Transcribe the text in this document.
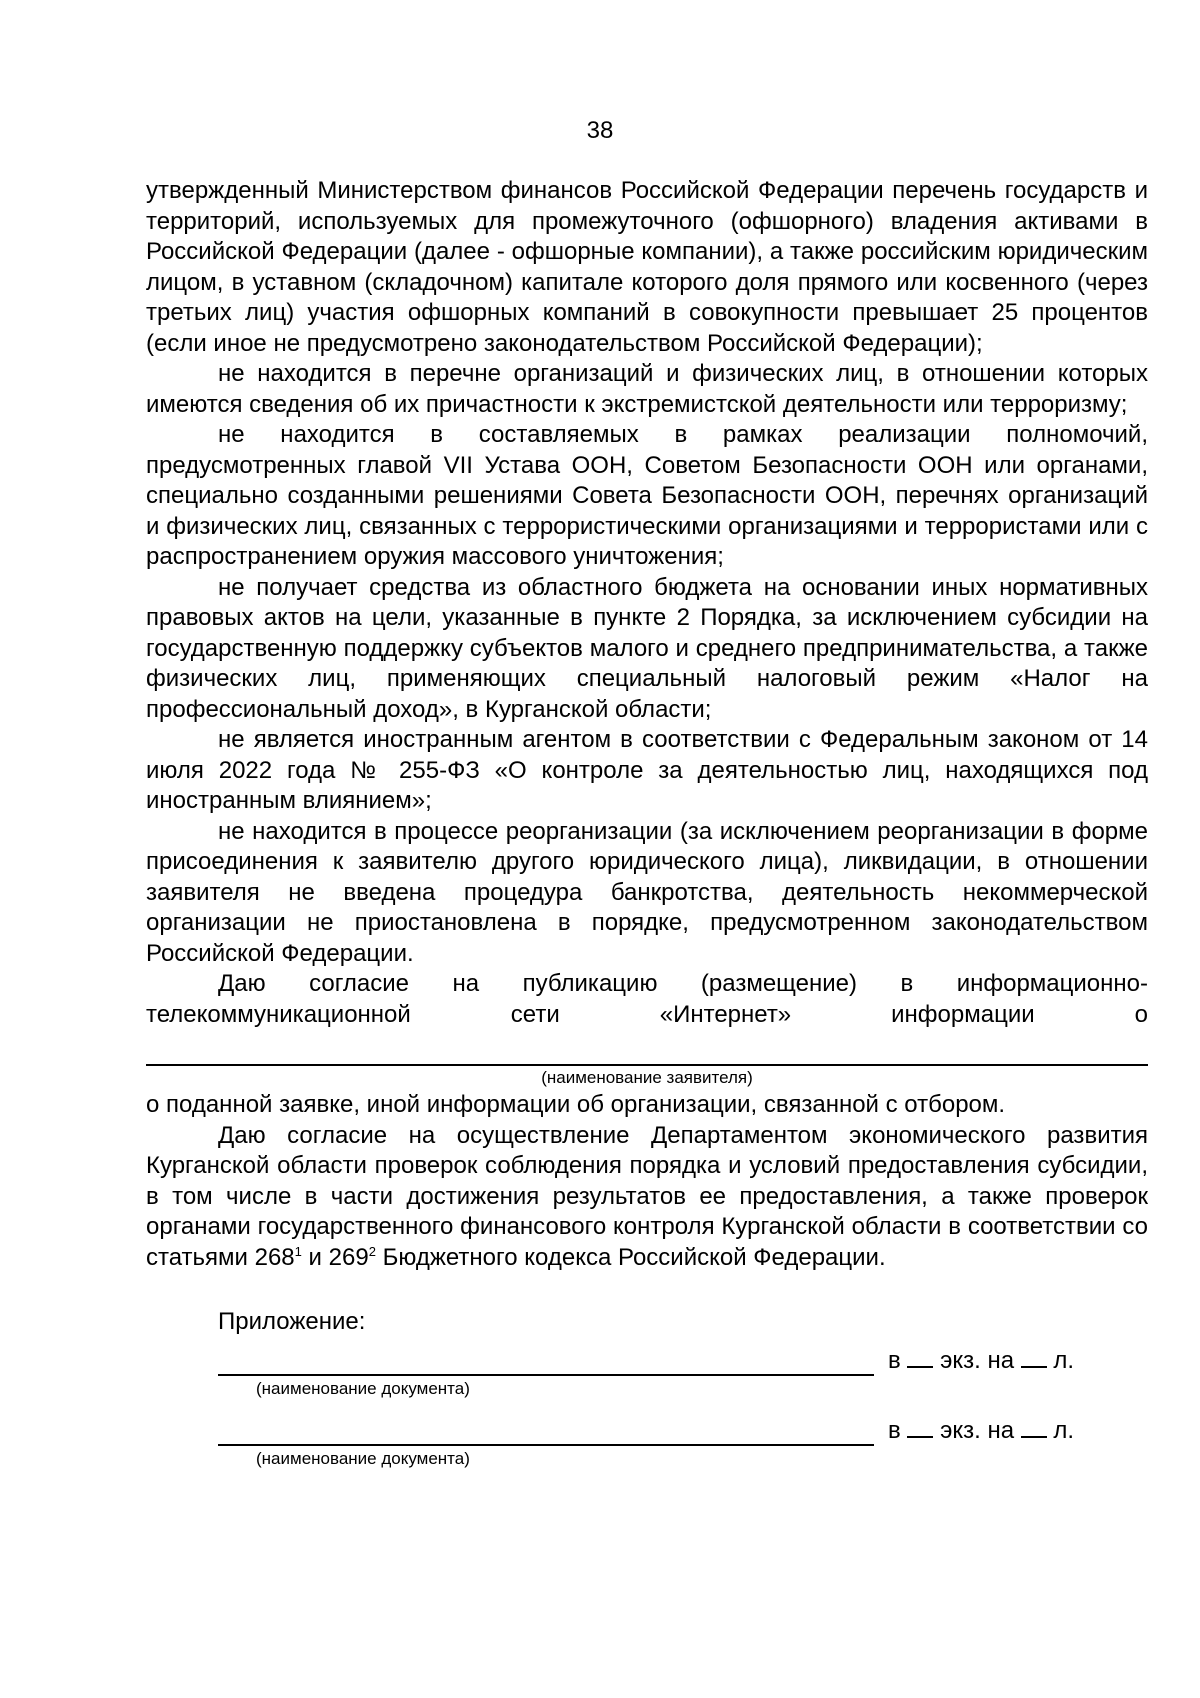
38

утвержденный Министерством финансов Российской Федерации перечень государств и территорий, используемых для промежуточного (офшорного) владения активами в Российской Федерации (далее - офшорные компании), а также российским юридическим лицом, в уставном (складочном) капитале которого доля прямого или косвенного (через третьих лиц) участия офшорных компаний в совокупности превышает 25 процентов (если иное не предусмотрено законодательством Российской Федерации);

не находится в перечне организаций и физических лиц, в отношении которых имеются сведения об их причастности к экстремистской деятельности или терроризму;

не находится в составляемых в рамках реализации полномочий, предусмотренных главой VII Устава ООН, Советом Безопасности ООН или органами, специально созданными решениями Совета Безопасности ООН, перечнях организаций и физических лиц, связанных с террористическими организациями и террористами или с распространением оружия массового уничтожения;

не получает средства из областного бюджета на основании иных нормативных правовых актов на цели, указанные в пункте 2 Порядка, за исключением субсидии на государственную поддержку субъектов малого и среднего предпринимательства, а также физических лиц, применяющих специальный налоговый режим «Налог на профессиональный доход», в Курганской области;

не является иностранным агентом в соответствии с Федеральным законом от 14 июля 2022 года № 255-ФЗ «О контроле за деятельностью лиц, находящихся под иностранным влиянием»;

не находится в процессе реорганизации (за исключением реорганизации в форме присоединения к заявителю другого юридического лица), ликвидации, в отношении заявителя не введена процедура банкротства, деятельность некоммерческой организации не приостановлена в порядке, предусмотренном законодательством Российской Федерации.

Даю согласие на публикацию (размещение) в информационно-телекоммуникационной сети «Интернет» информации о

(наименование заявителя)

о поданной заявке, иной информации об организации, связанной с отбором.

Даю согласие на осуществление Департаментом экономического развития Курганской области проверок соблюдения порядка и условий предоставления субсидии, в том числе в части достижения результатов ее предоставления, а также проверок органами государственного финансового контроля Курганской области в соответствии со статьями $268^1$ и $269^2$ Бюджетного кодекса Российской Федерации.

Приложение:
в  экз. на  л.
(наименование документа)
в  экз. на  л.
(наименование документа)
